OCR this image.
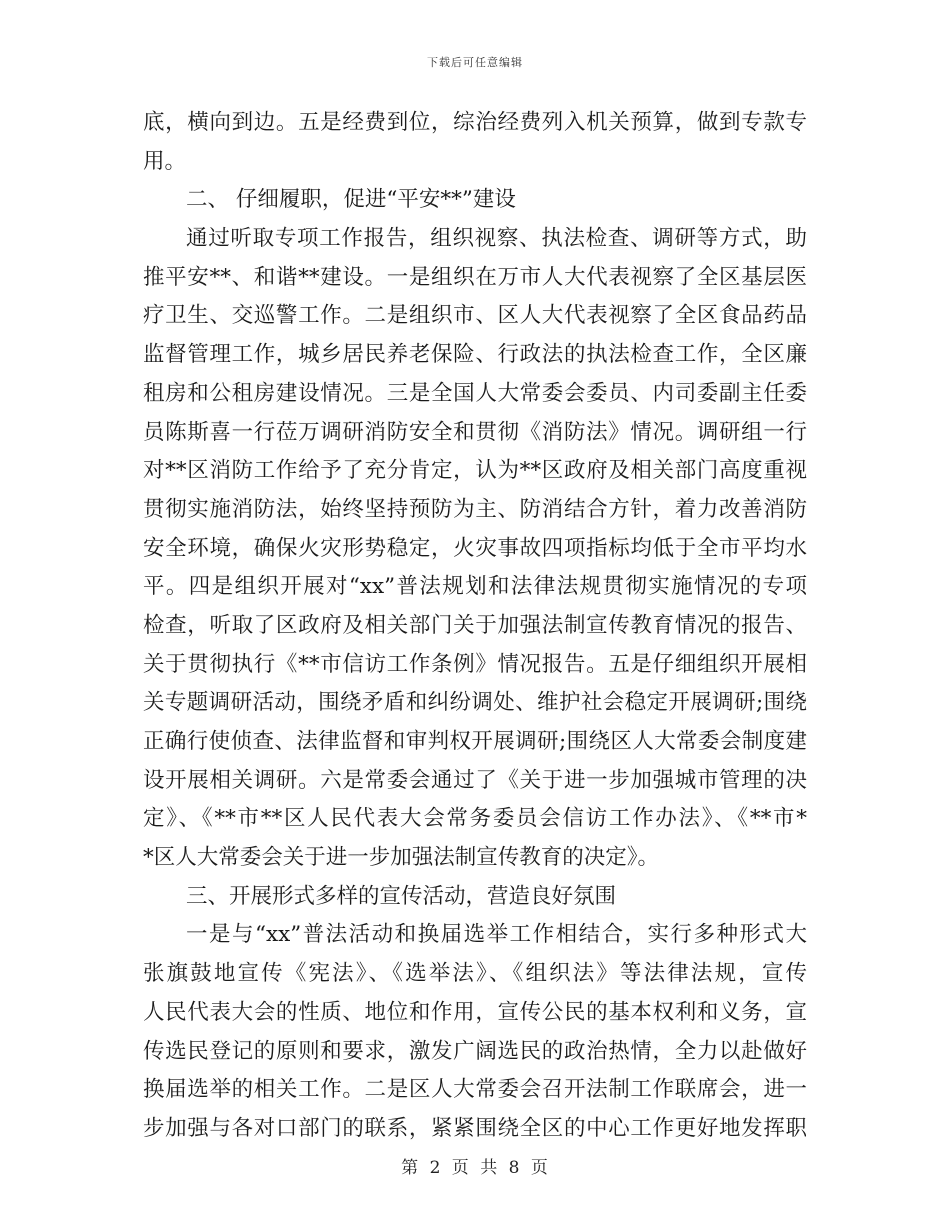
下载后可任意编辑
底，横向到边。五是经费到位，综治经费列入机关预算，做到专款专
用。
二、 仔细履职，促进“平安**”建设
通过听取专项工作报告，组织视察、执法检查、调研等方式，助
推平安**、和谐**建设。一是组织在万市人大代表视察了全区基层医
疗卫生、交巡警工作。二是组织市、区人大代表视察了全区食品药品
监督管理工作，城乡居民养老保险、行政法的执法检查工作，全区廉
租房和公租房建设情况。三是全国人大常委会委员、内司委副主任委
员陈斯喜一行莅万调研消防安全和贯彻《消防法》情况。调研组一行
对**区消防工作给予了充分肯定，认为**区政府及相关部门高度重视
贯彻实施消防法，始终坚持预防为主、防消结合方针，着力改善消防
安全环境，确保火灾形势稳定，火灾事故四项指标均低于全市平均水
平。四是组织开展对“xx”普法规划和法律法规贯彻实施情况的专项
检查，听取了区政府及相关部门关于加强法制宣传教育情况的报告、
关于贯彻执行《**市信访工作条例》情况报告。五是仔细组织开展相
关专题调研活动，围绕矛盾和纠纷调处、维护社会稳定开展调研;围绕
正确行使侦查、法律监督和审判权开展调研;围绕区人大常委会制度建
设开展相关调研。六是常委会通过了《关于进一步加强城市管理的决
定》、《**市**区人民代表大会常务委员会信访工作办法》、《**市*
*区人大常委会关于进一步加强法制宣传教育的决定》。
三、开展形式多样的宣传活动，营造良好氛围
一是与“xx”普法活动和换届选举工作相结合，实行多种形式大
张旗鼓地宣传《宪法》、《选举法》、《组织法》等法律法规，宣传
人民代表大会的性质、地位和作用，宣传公民的基本权利和义务，宣
传选民登记的原则和要求，激发广阔选民的政治热情，全力以赴做好
换届选举的相关工作。二是区人大常委会召开法制工作联席会，进一
步加强与各对口部门的联系，紧紧围绕全区的中心工作更好地发挥职
第 2 页 共 8 页
